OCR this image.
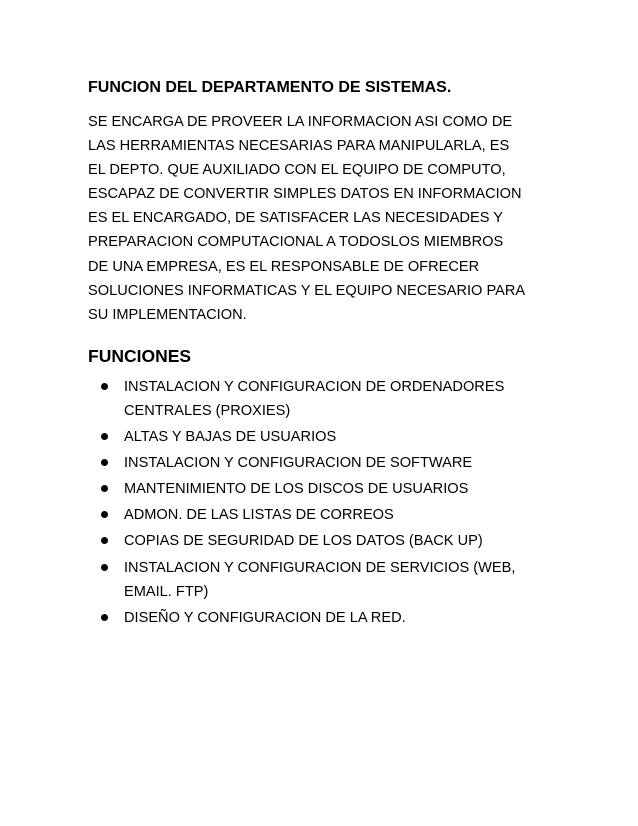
FUNCION DEL DEPARTAMENTO DE SISTEMAS.

SE ENCARGA DE PROVEER LA INFORMACION ASI COMO DE
LAS HERRAMIENTAS NECESARIAS PARA MANIPULARLA, ES
EL DEPTO. QUE AUXILIADO CON EL EQUIPO DE COMPUTO,
ESCAPAZ DE CONVERTIR SIMPLES DATOS EN INFORMACION
ES EL ENCARGADO, DE SATISFACER LAS NECESIDADES Y
PREPARACION COMPUTACIONAL A TODOSLOS MIEMBROS
DE UNA EMPRESA, ES EL RESPONSABLE DE OFRECER
SOLUCIONES INFORMATICAS Y EL EQUIPO NECESARIO PARA
SU IMPLEMENTACION.

FUNCIONES
INSTALACION Y CONFIGURACION DE ORDENADORES
CENTRALES (PROXIES)
ALTAS Y BAJAS DE USUARIOS
INSTALACION Y CONFIGURACION DE SOFTWARE
MANTENIMIENTO DE LOS DISCOS DE USUARIOS
ADMON. DE LAS LISTAS DE CORREOS
COPIAS DE SEGURIDAD DE LOS DATOS (BACK UP)
INSTALACION Y CONFIGURACION DE SERVICIOS (WEB,
EMAIL. FTP)
DISEÑO Y CONFIGURACION DE LA RED.
